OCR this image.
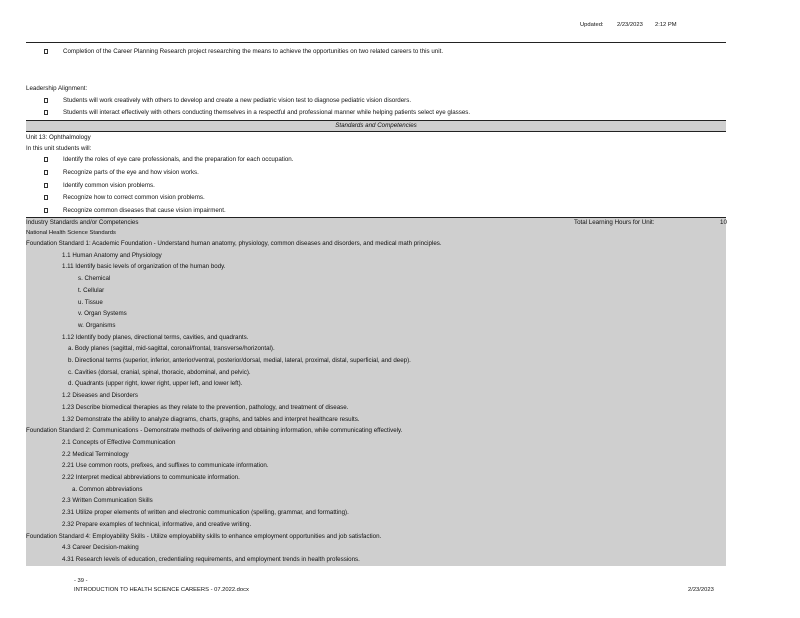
Updated: 2/23/2023 2:12 PM
Completion of the Career Planning Research project researching the means to achieve the opportunities on two related careers to this unit.
Leadership Alignment:
Students will work creatively with others to develop and create a new pediatric vision test to diagnose pediatric vision disorders.
Students will interact effectively with others conducting themselves in a respectful and professional manner while helping patients select eye glasses.
Standards and Competencies
Unit 13: Ophthalmology
In this unit students will:
Identify the roles of eye care professionals, and the preparation for each occupation.
Recognize parts of the eye and how vision works.
Identify common vision problems.
Recognize how to correct common vision problems.
Recognize common diseases that cause vision impairment.
Industry Standards and/or Competencies	Total Learning Hours for Unit:	10
National Health Science Standards
Foundation Standard 1: Academic Foundation - Understand human anatomy, physiology, common diseases and disorders, and medical math principles.
1.1 Human Anatomy and Physiology
1.11 Identify basic levels of organization of the human body.
s. Chemical
t. Cellular
u. Tissue
v. Organ Systems
w. Organisms
1.12 Identify body planes, directional terms, cavities, and quadrants.
a. Body planes (sagittal, mid-sagittal, coronal/frontal, transverse/horizontal).
b. Directional terms (superior, inferior, anterior/ventral, posterior/dorsal, medial, lateral, proximal, distal, superficial, and deep).
c. Cavities (dorsal, cranial, spinal, thoracic, abdominal, and pelvic).
d. Quadrants (upper right, lower right, upper left, and lower left).
1.2 Diseases and Disorders
1.23 Describe biomedical therapies as they relate to the prevention, pathology, and treatment of disease.
1.32 Demonstrate the ability to analyze diagrams, charts, graphs, and tables and interpret healthcare results.
Foundation Standard 2: Communications - Demonstrate methods of delivering and obtaining information, while communicating effectively.
2.1 Concepts of Effective Communication
2.2 Medical Terminology
2.21 Use common roots, prefixes, and suffixes to communicate information.
2.22 Interpret medical abbreviations to communicate information.
a. Common abbreviations
2.3 Written Communication Skills
2.31 Utilize proper elements of written and electronic communication (spelling, grammar, and formatting).
2.32 Prepare examples of technical, informative, and creative writing.
Foundation Standard 4: Employability Skills - Utilize employability skills to enhance employment opportunities and job satisfaction.
4.3 Career Decision-making
4.31 Research levels of education, credentialing requirements, and employment trends in health professions.
- 39 -
INTRODUCTION TO HEALTH SCIENCE CAREERS - 07.2022.docx	2/23/2023
